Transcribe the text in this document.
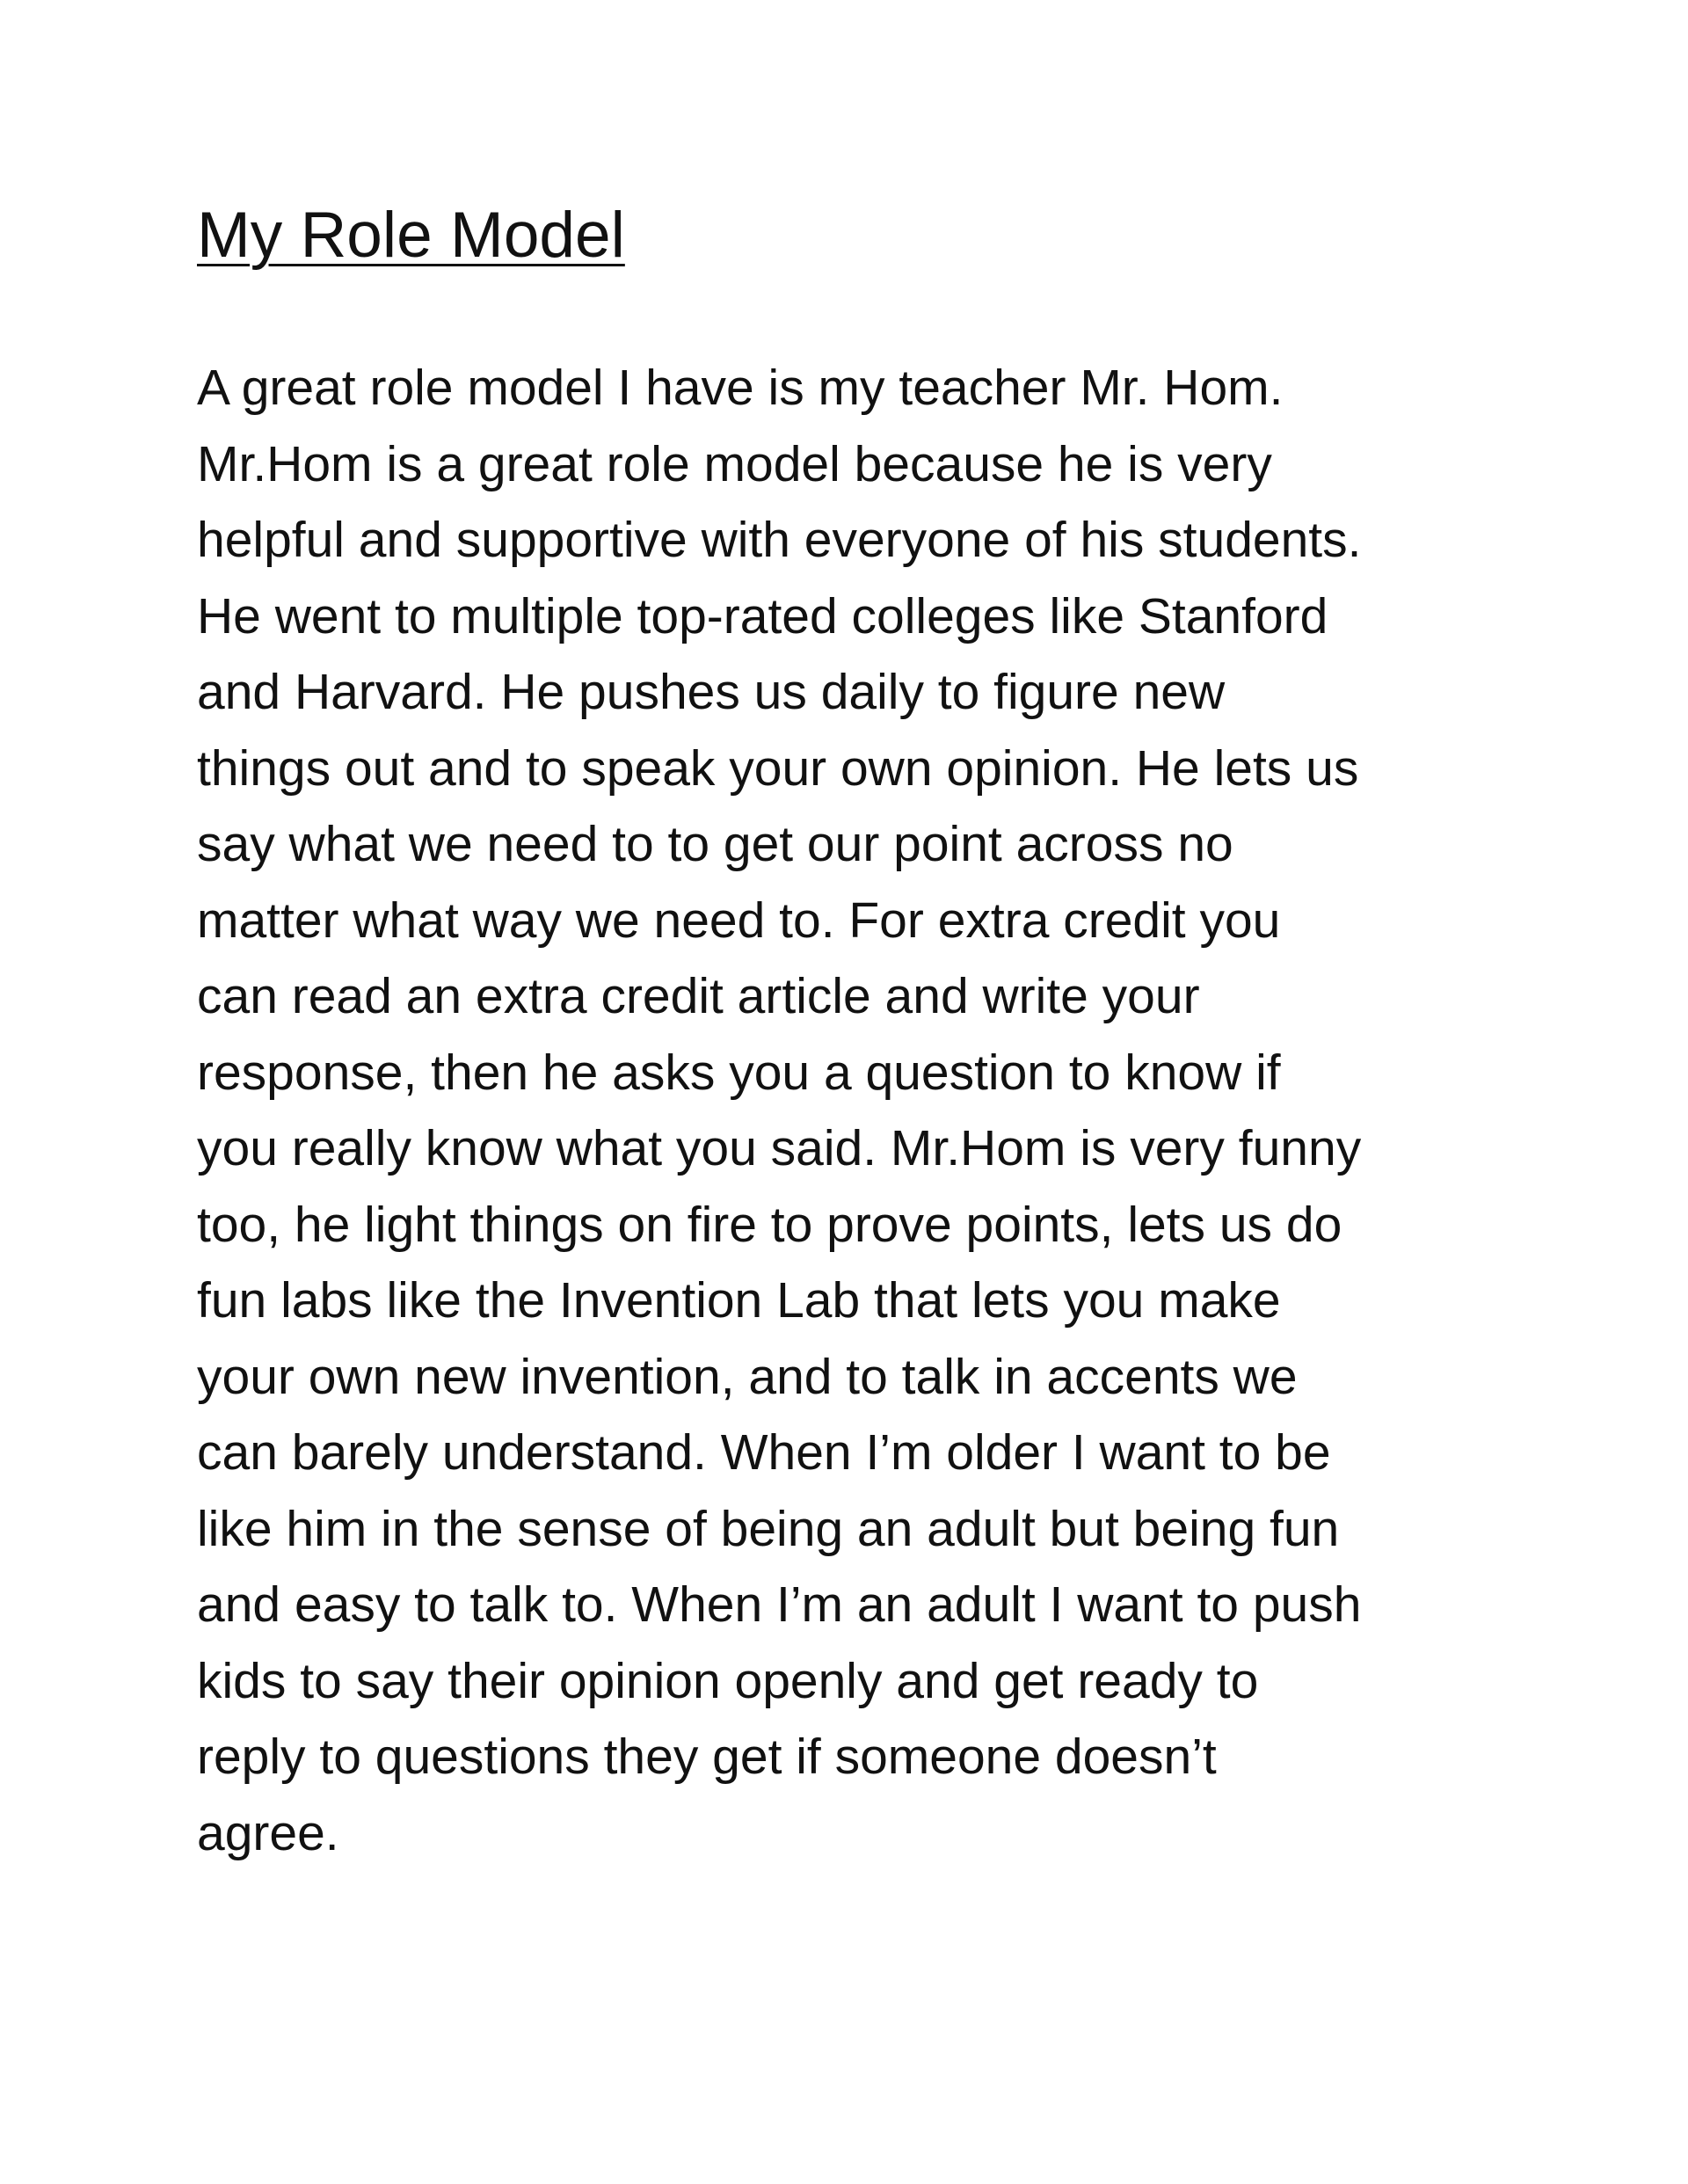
My Role Model
A great role model I have is my teacher Mr. Hom.
Mr.Hom is a great role model because he is very
helpful and supportive with everyone of his students.
He went to multiple top-rated colleges like Stanford
and Harvard. He pushes us daily to figure new
things out and to speak your own opinion. He lets us
say what we need to to get our point across no
matter what way we need to. For extra credit you
can read an extra credit article and write your
response, then he asks you a question to know if
you really know what you said. Mr.Hom is very funny
too, he light things on fire to prove points, lets us do
fun labs like the Invention Lab that lets you make
your own new invention, and to talk in accents we
can barely understand. When I’m older I want to be
like him in the sense of being an adult but being fun
and easy to talk to. When I’m an adult I want to push
kids to say their opinion openly and get ready to
reply to questions they get if someone doesn’t
agree.
